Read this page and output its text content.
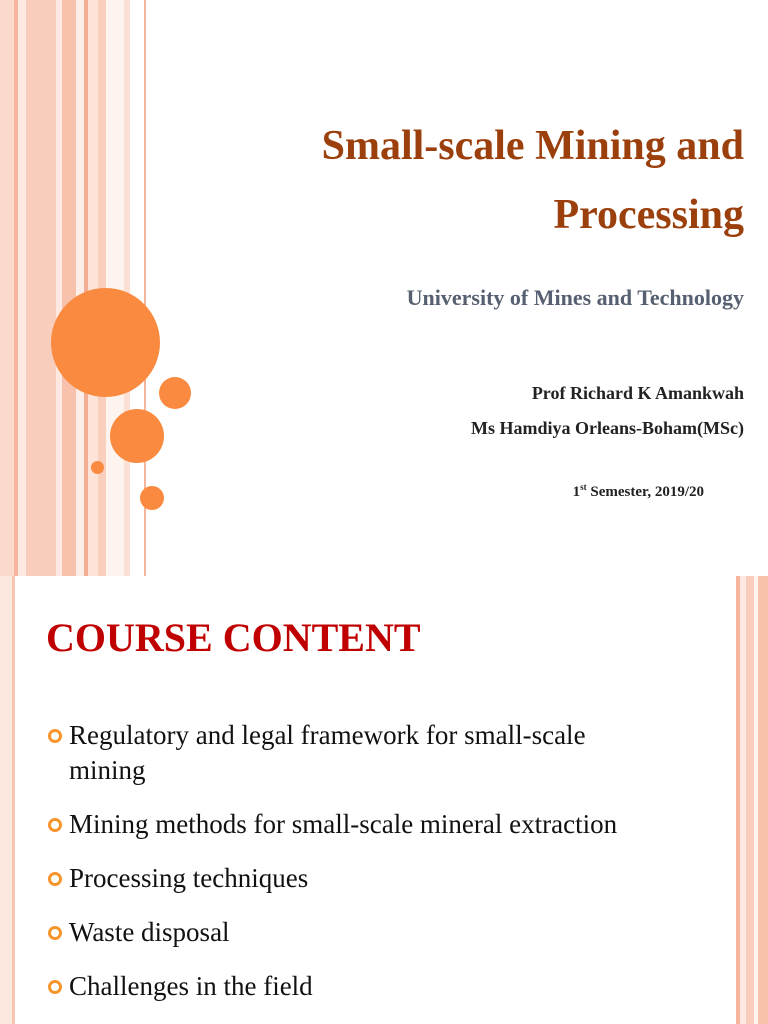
Small-scale Mining and Processing
University of Mines and Technology
Prof Richard K Amankwah
Ms Hamdiya Orleans-Boham(MSc)
1st Semester, 2019/20
COURSE CONTENT
Regulatory and legal framework for small-scale mining
Mining methods for small-scale mineral extraction
Processing techniques
Waste disposal
Challenges in the field
